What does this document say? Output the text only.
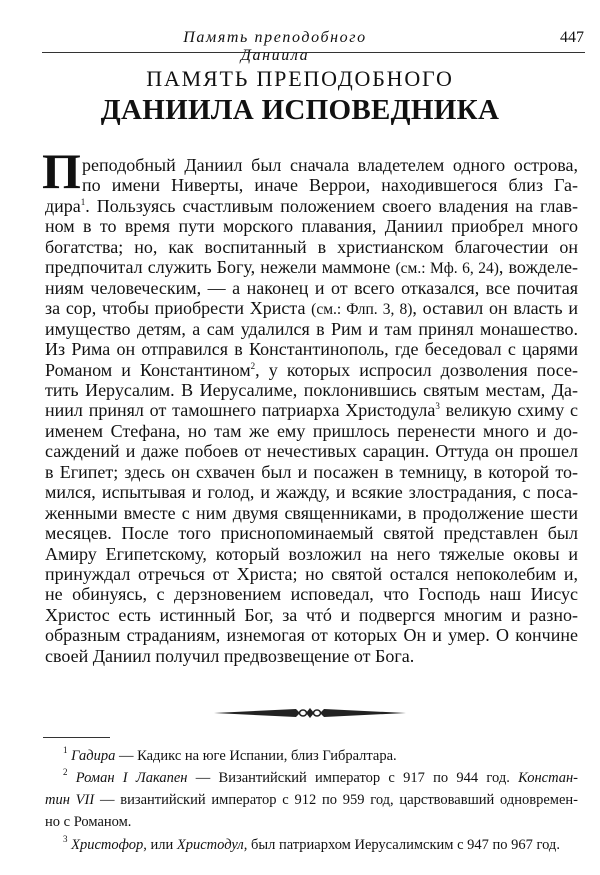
Память преподобного Даниила
447
ПАМЯТЬ ПРЕПОДОБНОГО
ДАНИИЛА ИСПОВЕДНИКА
П реподобный Даниил был сначала владетелем одного острова,
по имени Ниверты, иначе Веррои, находившегося близ Га-
дира$^1$. Пользуясь счастливым положением своего владения на глав-
ном в то время пути морского плавания, Даниил приобрел много
богатства; но, как воспитанный в христианском благочестии он
предпочитал служить Богу, нежели маммоне (см.: Мф. 6, 24), вожделе-
ниям человеческим, — а наконец и от всего отказался, все почитая
за сор, чтобы приобрести Христа (см.: Флп. 3, 8), оставил он власть и
имущество детям, а сам удалился в Рим и там принял монашество.
Из Рима он отправился в Константинополь, где беседовал с царями
Романом и Константином$^2$, у которых испросил дозволения посе-
тить Иерусалим. В Иерусалиме, поклонившись святым местам, Да-
ниил принял от тамошнего патриарха Христодула$^3$ великую схиму с
именем Стефана, но там же ему пришлось перенести много и до-
саждений и даже побоев от нечестивых сарацин. Оттуда он прошел
в Египет; здесь он схвачен был и посажен в темницу, в которой то-
мился, испытывая и голод, и жажду, и всякие злострадания, с поса-
женными вместе с ним двумя священниками, в продолжение шести
месяцев. После того приснопоминаемый святой представлен был
Амиру Египетскому, который возложил на него тяжелые оковы и
принуждал отречься от Христа; но святой остался непоколебим и,
не обинуясь, с дерзновением исповедал, что Господь наш Иисус
Христос есть истинный Бог, за чтó и подвергся многим и разно-
образным страданиям, изнемогая от которых Он и умер. О кончине
своей Даниил получил предвозвещение от Бога.
$^1$ Гадира — Кадикс на юге Испании, близ Гибралтара.
$^2$ Роман I Лакапен — Византийский император с 917 по 944 год. Констан-
тин VII — византийский император с 912 по 959 год, царствовавший одновремен-
но с Романом.
$^3$ Христофор, или Христодул, был патриархом Иерусалимским с 947 по 967 год.
